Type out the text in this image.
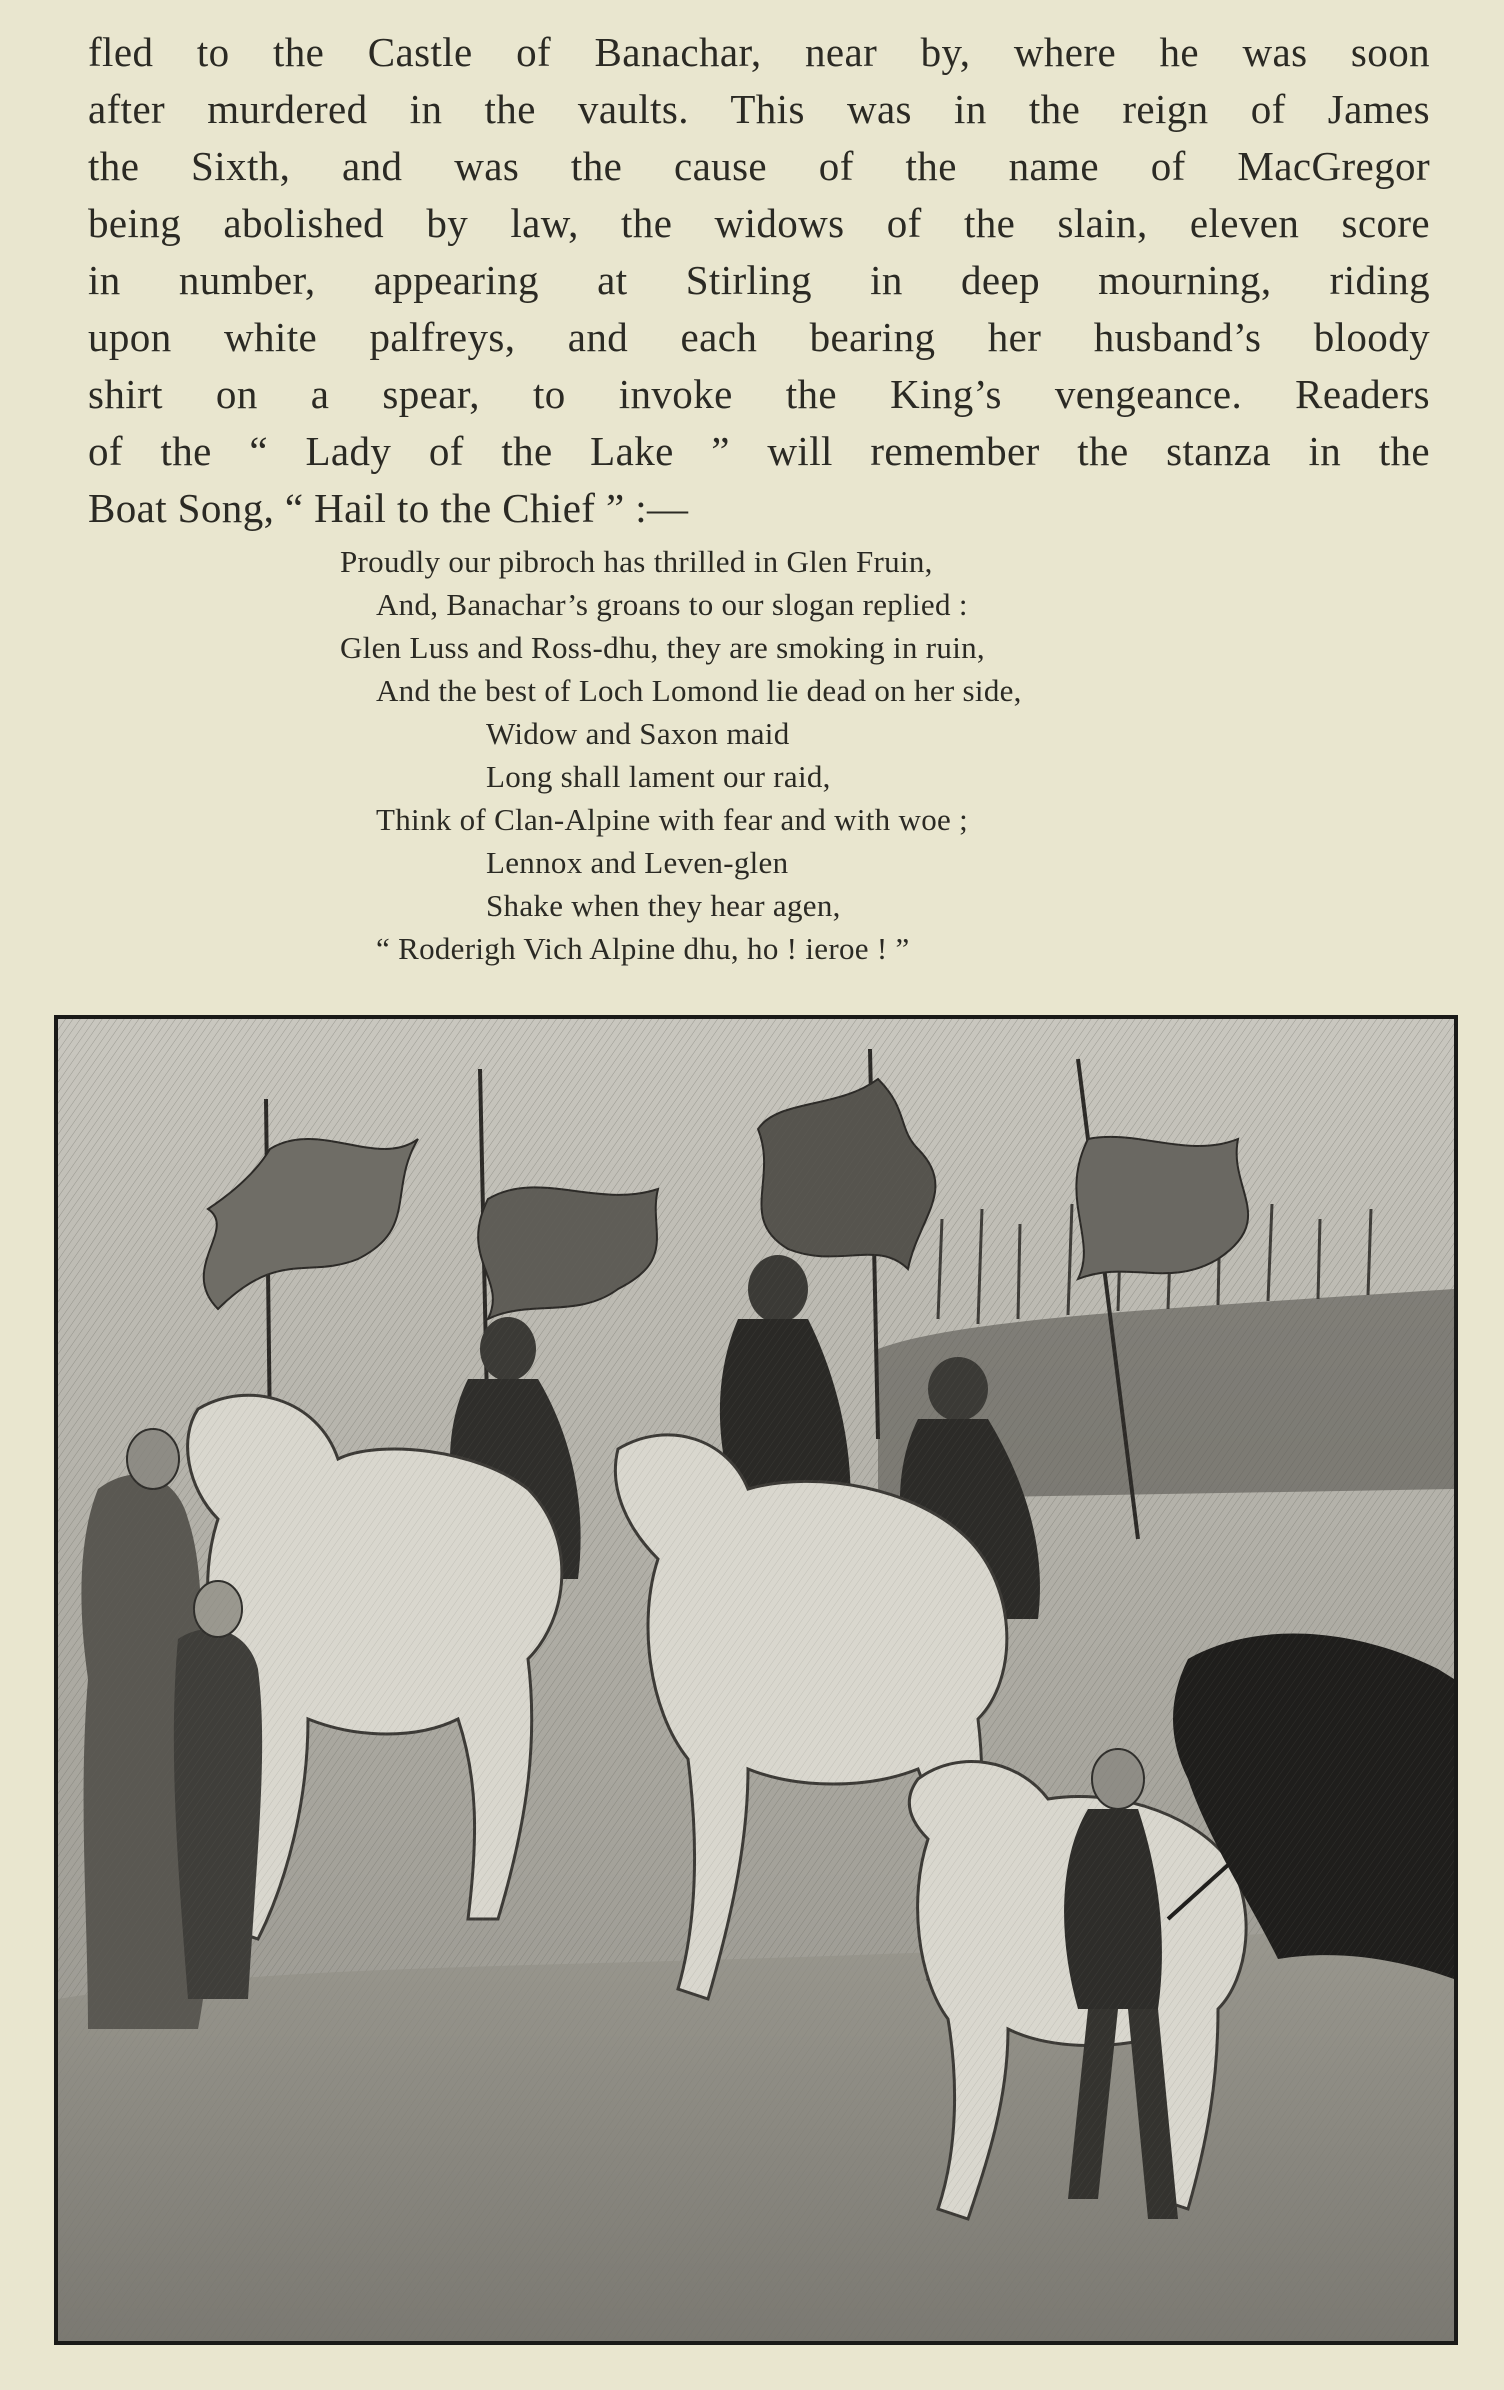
fled to the Castle of Banachar, near by, where he was soon
after murdered in the vaults. This was in the reign of James
the Sixth, and was the cause of the name of MacGregor
being abolished by law, the widows of the slain, eleven score
in number, appearing at Stirling in deep mourning, riding
upon white palfreys, and each bearing her husband’s bloody
shirt on a spear, to invoke the King’s vengeance. Readers
of the “ Lady of the Lake ” will remember the stanza in the
Boat Song, “ Hail to the Chief ” :—
Proudly our pibroch has thrilled in Glen Fruin,
And, Banachar’s groans to our slogan replied :
Glen Luss and Ross-dhu, they are smoking in ruin,
And the best of Loch Lomond lie dead on her side,
Widow and Saxon maid
Long shall lament our raid,
Think of Clan-Alpine with fear and with woe ;
Lennox and Leven-glen
Shake when they hear agen,
“ Roderigh Vich Alpine dhu, ho ! ieroe ! ”
